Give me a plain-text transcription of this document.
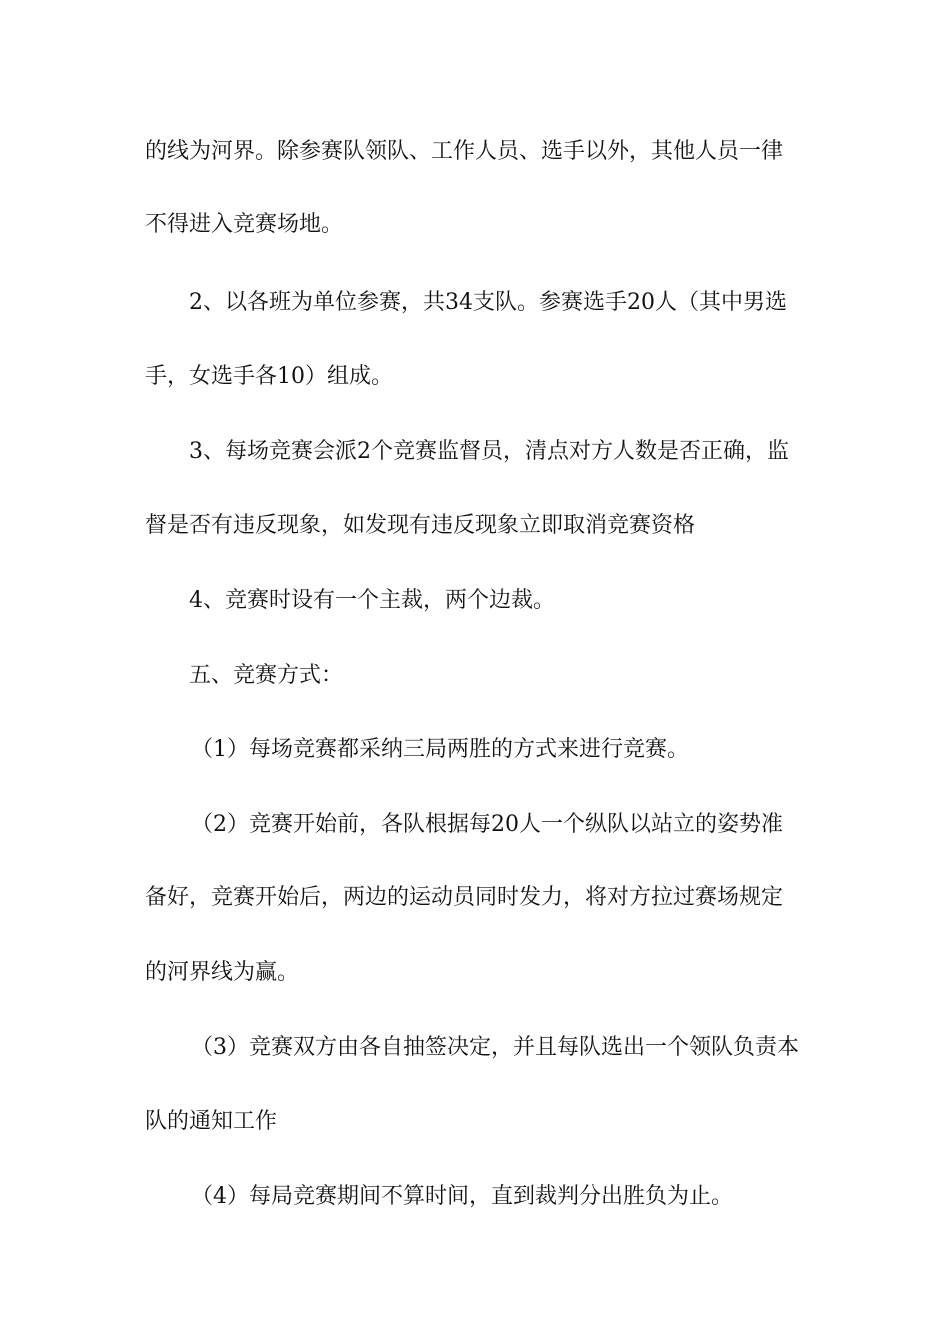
的线为河界。除参赛队领队、工作人员、选手以外，其他人员一律
不得进入竞赛场地。
2、以各班为单位参赛，共34支队。参赛选手20人（其中男选
手，女选手各10）组成。
3、每场竞赛会派2个竞赛监督员，清点对方人数是否正确，监
督是否有违反现象，如发现有违反现象立即取消竞赛资格
4、竞赛时设有一个主裁，两个边裁。
五、竞赛方式：
（1）每场竞赛都采纳三局两胜的方式来进行竞赛。
（2）竞赛开始前，各队根据每20人一个纵队以站立的姿势准
备好，竞赛开始后，两边的运动员同时发力，将对方拉过赛场规定
的河界线为赢。
（3）竞赛双方由各自抽签决定，并且每队选出一个领队负责本
队的通知工作
（4）每局竞赛期间不算时间，直到裁判分出胜负为止。
